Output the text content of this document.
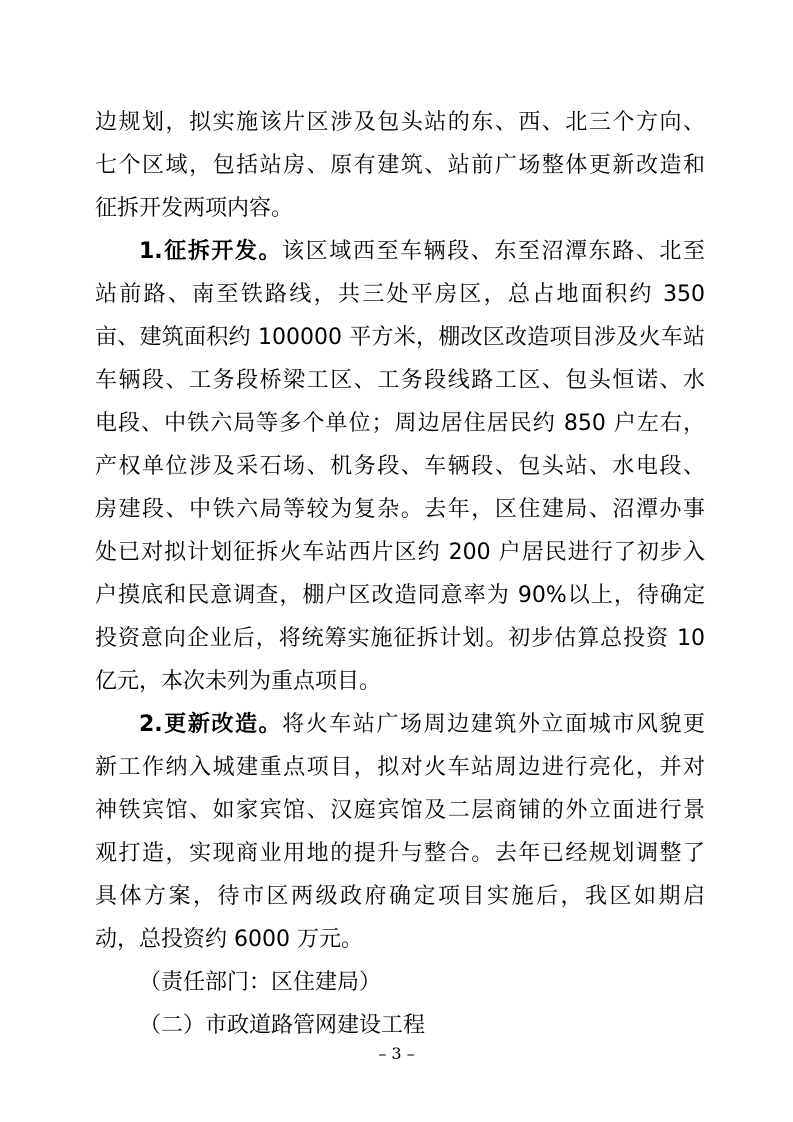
边规划，拟实施该片区涉及包头站的东、西、北三个方向、
七个区域，包括站房、原有建筑、站前广场整体更新改造和
征拆开发两项内容。
1.征拆开发。该区域西至车辆段、东至沼潭东路、北至
站前路、南至铁路线，共三处平房区，总占地面积约 350
亩、建筑面积约 100000 平方米，棚改区改造项目涉及火车站
车辆段、工务段桥梁工区、工务段线路工区、包头恒诺、水
电段、中铁六局等多个单位；周边居住居民约 850 户左右，
产权单位涉及采石场、机务段、车辆段、包头站、水电段、
房建段、中铁六局等较为复杂。去年，区住建局、沼潭办事
处已对拟计划征拆火车站西片区约 200 户居民进行了初步入
户摸底和民意调查，棚户区改造同意率为 90%以上，待确定
投资意向企业后，将统筹实施征拆计划。初步估算总投资 10
亿元，本次未列为重点项目。
2.更新改造。将火车站广场周边建筑外立面城市风貌更
新工作纳入城建重点项目，拟对火车站周边进行亮化，并对
神铁宾馆、如家宾馆、汉庭宾馆及二层商铺的外立面进行景
观打造，实现商业用地的提升与整合。去年已经规划调整了
具体方案，待市区两级政府确定项目实施后，我区如期启
动，总投资约 6000 万元。
（责任部门：区住建局）
（二）市政道路管网建设工程
– 3 –
